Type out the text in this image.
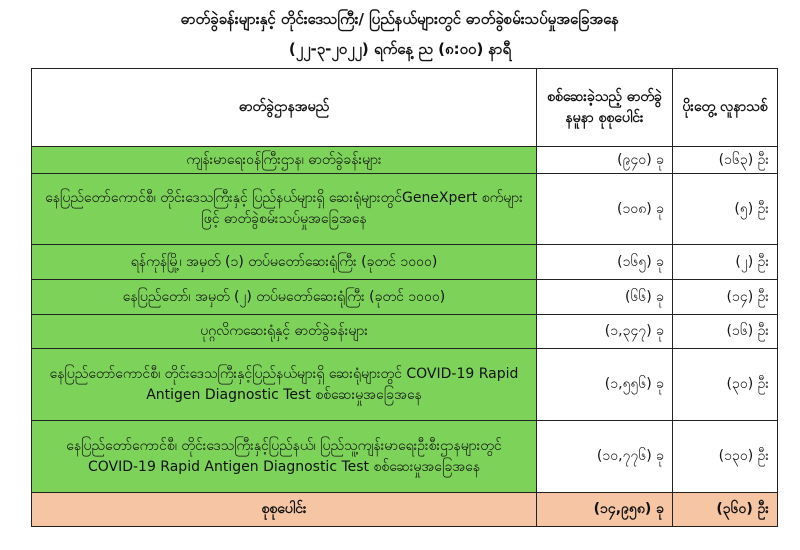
ဓာတ်ခွဲခန်းများနှင့် တိုင်းဒေသကြီး/ ပြည်နယ်များတွင် ဓာတ်ခွဲစမ်းသပ်မှုအခြေအနေ
(၂၂-၃-၂၀၂၂) ရက်နေ့ ည (၈:၀၀) နာရီ
ဓာတ်ခွဲဌာနအမည်	စစ်ဆေးခဲ့သည့် ဓာတ်ခွဲနမူနာ စုစုပေါင်း	ပိုးတွေ့ လူနာသစ်
ကျန်းမာရေးဝန်ကြီးဌာန၊ ဓာတ်ခွဲခန်းများ	(၉၄၀) ခု	(၁၆၃) ဦး
နေပြည်တော်ကောင်စီ၊ တိုင်းဒေသကြီးနှင့် ပြည်နယ်များရှိ ဆေးရုံများတွင်GeneXpert စက်များဖြင့် ဓာတ်ခွဲစမ်းသပ်မှုအခြေအနေ	(၁၀၈) ခု	(၅) ဦး
ရန်ကုန်မြို့၊ အမှတ် (၁) တပ်မတော်ဆေးရုံကြီး (ခုတင် ၁၀၀၀)	(၁၆၅) ခု	(၂) ဦး
နေပြည်တော်၊ အမှတ် (၂) တပ်မတော်ဆေးရုံကြီး (ခုတင် ၁၀၀၀)	(၆၆) ခု	(၁၄) ဦး
ပုဂ္ဂလိကဆေးရုံနှင့် ဓာတ်ခွဲခန်းများ	(၁,၃၄၇) ခု	(၁၆) ဦး
နေပြည်တော်ကောင်စီ၊ တိုင်းဒေသကြီးနှင့်ပြည်နယ်များရှိ ဆေးရုံများတွင် COVID-19 Rapid Antigen Diagnostic Test စစ်ဆေးမှုအခြေအနေ	(၁,၅၅၆) ခု	(၃၀) ဦး
နေပြည်တော်ကောင်စီ၊ တိုင်းဒေသကြီးနှင့်ပြည်နယ်၊ ပြည်သူ့ကျန်းမာရေးဦးစီးဌာနများတွင် COVID-19 Rapid Antigen Diagnostic Test စစ်ဆေးမှုအခြေအနေ	(၁၀,၇၇၆) ခု	(၁၃၀) ဦး
စုစုပေါင်း	(၁၄,၉၅၈) ခု	(၃၆၀) ဦး
